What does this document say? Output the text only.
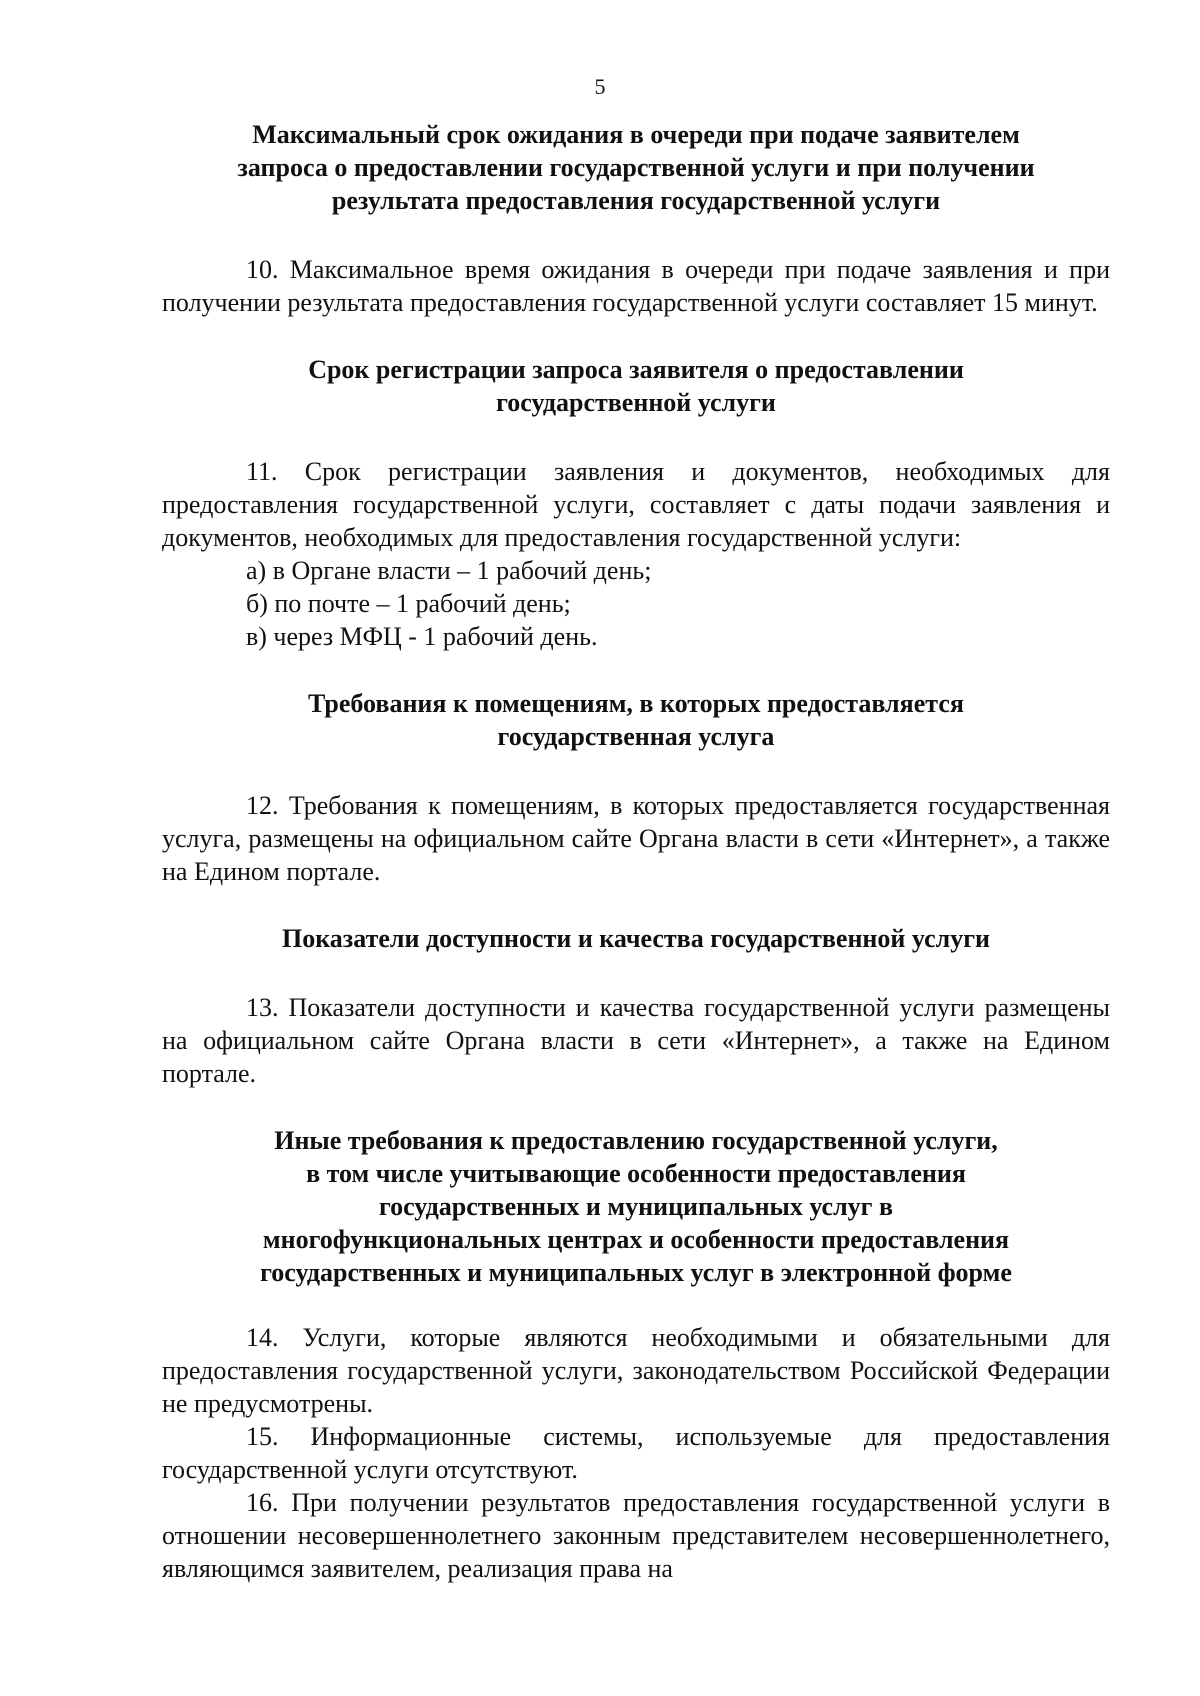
5
Максимальный срок ожидания в очереди при подаче заявителем
запроса о предоставлении государственной услуги и при получении
результата предоставления государственной услуги

10. Максимальное время ожидания в очереди при подаче заявления и при получении результата предоставления государственной услуги составляет 15 минут.

Срок регистрации запроса заявителя о предоставлении
государственной услуги

11. Срок регистрации заявления и документов, необходимых для предоставления государственной услуги, составляет с даты подачи заявления и документов, необходимых для предоставления государственной услуги:

а) в Органе власти – 1 рабочий день;

б) по почте – 1 рабочий день;

в) через МФЦ - 1 рабочий день.

Требования к помещениям, в которых предоставляется
государственная услуга

12. Требования к помещениям, в которых предоставляется государственная услуга, размещены на официальном сайте Органа власти в сети «Интернет», а также на Едином портале.

Показатели доступности и качества государственной услуги

13. Показатели доступности и качества государственной услуги размещены на официальном сайте Органа власти в сети «Интернет», а также на Едином портале.

Иные требования к предоставлению государственной услуги,
в том числе учитывающие особенности предоставления
государственных и муниципальных услуг в
многофункциональных центрах и особенности предоставления
государственных и муниципальных услуг в электронной форме

14. Услуги, которые являются необходимыми и обязательными для предоставления государственной услуги, законодательством Российской Федерации не предусмотрены.

15. Информационные системы, используемые для предоставления государственной услуги отсутствуют.

16. При получении результатов предоставления государственной услуги в отношении несовершеннолетнего законным представителем несовершеннолетнего, являющимся заявителем, реализация права на
